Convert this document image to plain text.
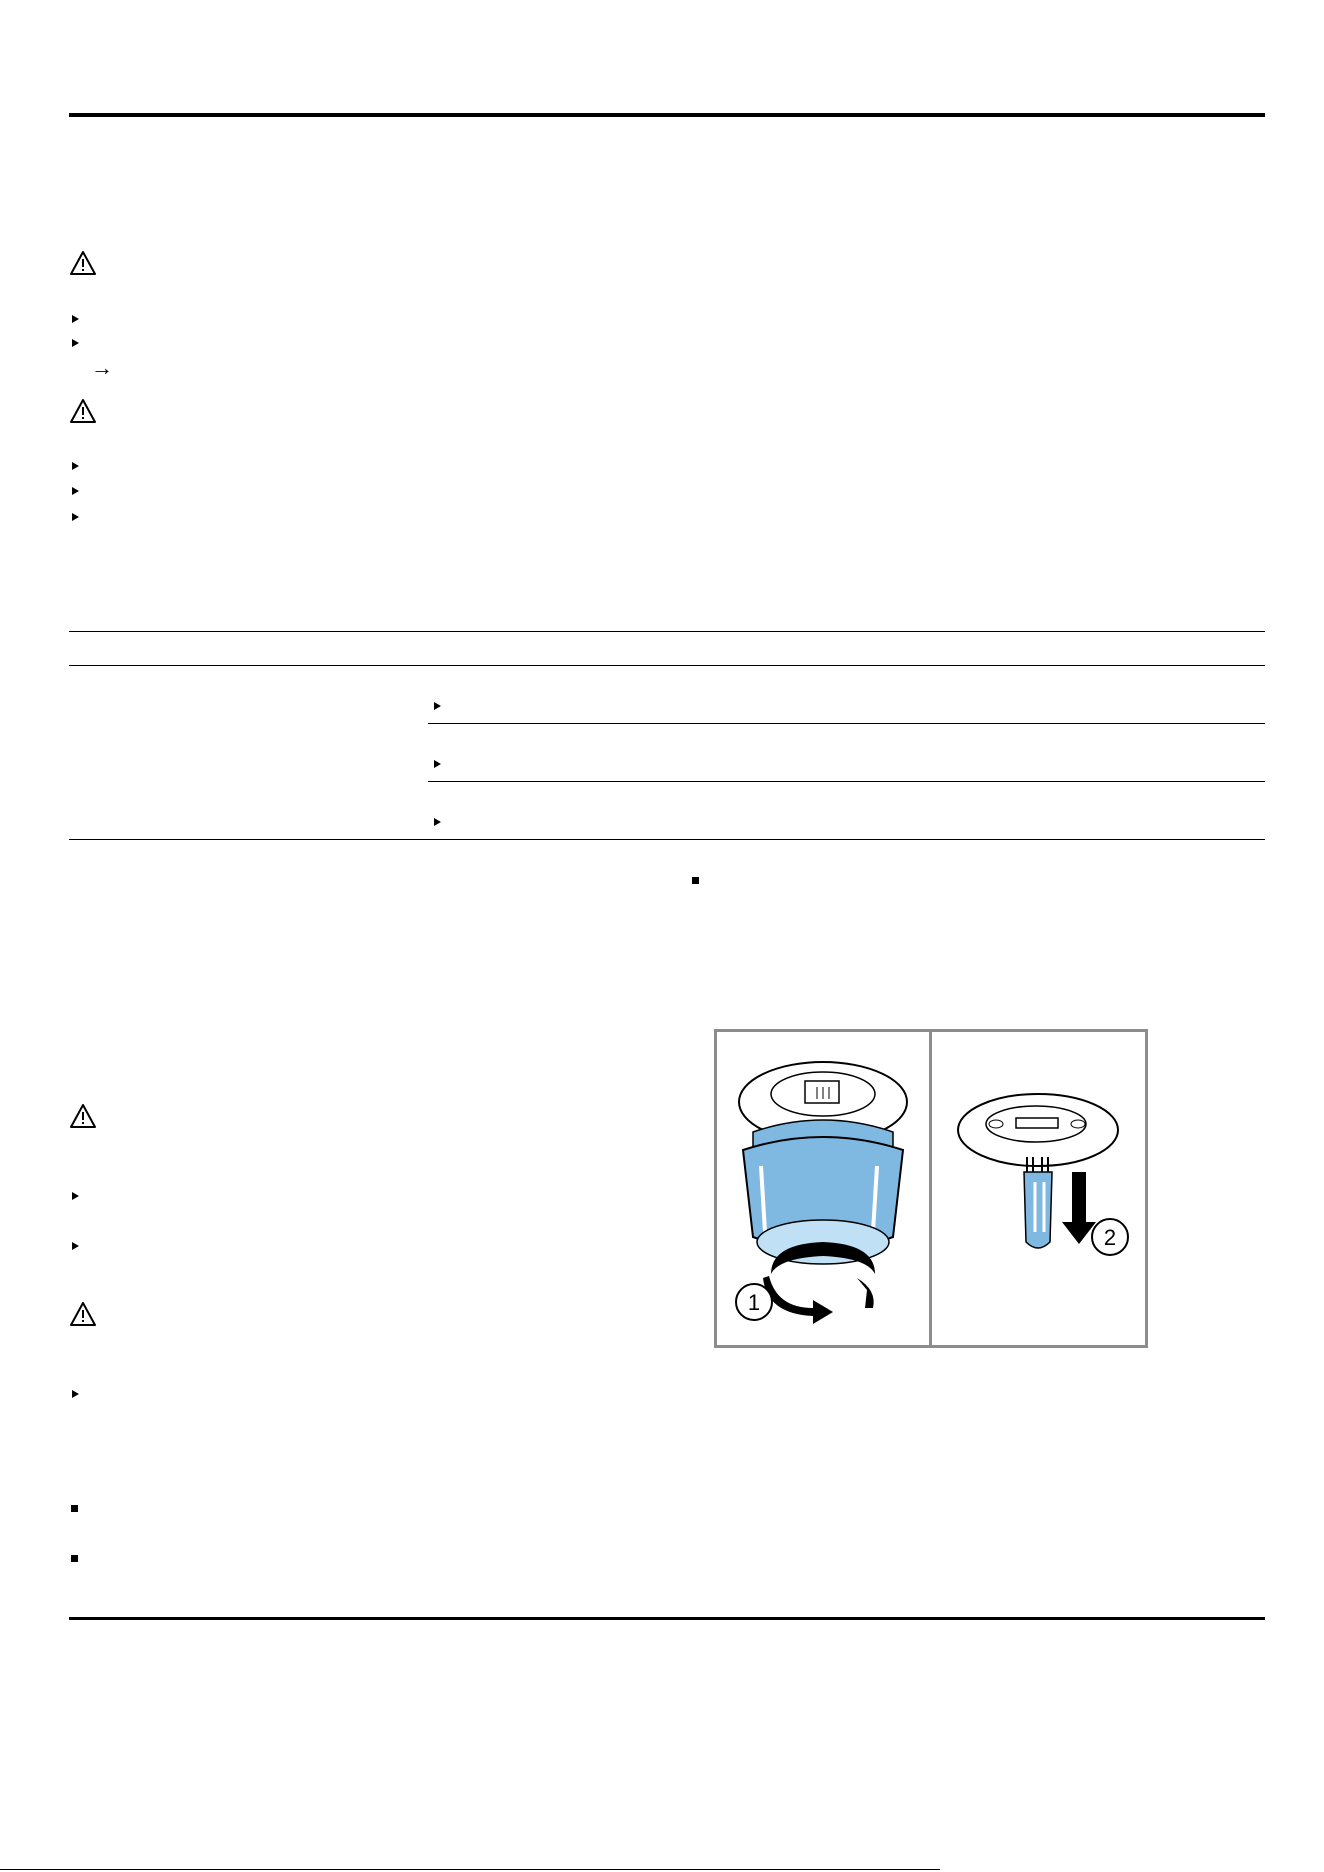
→
1
2
